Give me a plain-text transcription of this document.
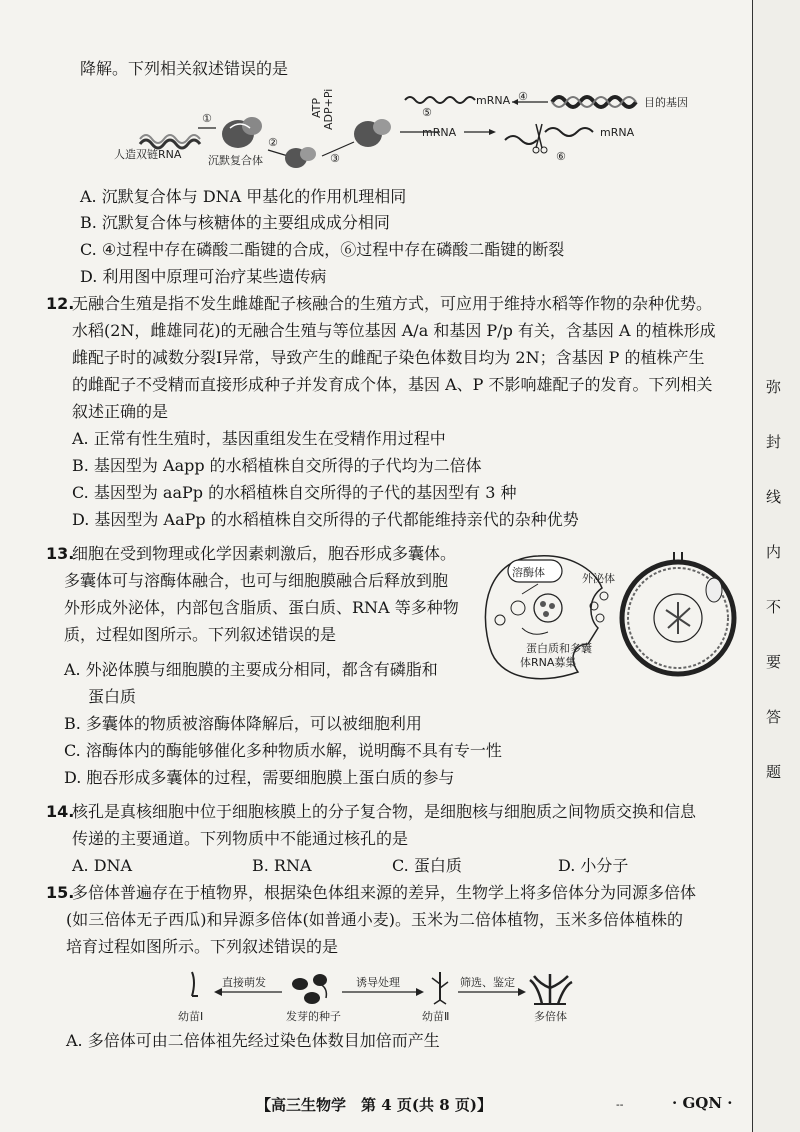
降解。下列相关叙述错误的是
人造双链RNA
①
沉默复合体
②
ATP ADP+Pi
③
mRNA ④	目的基因
⑤
mRNA	mRNA
⑥
A. 沉默复合体与 DNA 甲基化的作用机理相同
B. 沉默复合体与核糖体的主要组成成分相同
C. ④过程中存在磷酸二酯键的合成，⑥过程中存在磷酸二酯键的断裂
D. 利用图中原理可治疗某些遗传病
12.
无融合生殖是指不发生雌雄配子核融合的生殖方式，可应用于维持水稻等作物的杂种优势。
水稻(2N，雌雄同花)的无融合生殖与等位基因 A/a 和基因 P/p 有关，含基因 A 的植株形成
雌配子时的减数分裂Ⅰ异常，导致产生的雌配子染色体数目均为 2N；含基因 P 的植株产生
的雌配子不受精而直接形成种子并发育成个体，基因 A、P 不影响雄配子的发育。下列相关
叙述正确的是
A. 正常有性生殖时，基因重组发生在受精作用过程中
B. 基因型为 Aapp 的水稻植株自交所得的子代均为二倍体
C. 基因型为 aaPp 的水稻植株自交所得的子代的基因型有 3 种
D. 基因型为 AaPp 的水稻植株自交所得的子代都能维持亲代的杂种优势
13.
细胞在受到物理或化学因素刺激后，胞吞形成多囊体。
多囊体可与溶酶体融合，也可与细胞膜融合后释放到胞
外形成外泌体，内部包含脂质、蛋白质、RNA 等多种物
质，过程如图所示。下列叙述错误的是
A. 外泌体膜与细胞膜的主要成分相同，都含有磷脂和
蛋白质
B. 多囊体的物质被溶酶体降解后，可以被细胞利用
C. 溶酶体内的酶能够催化多种物质水解，说明酶不具有专一性
D. 胞吞形成多囊体的过程，需要细胞膜上蛋白质的参与
溶酶体
蛋白质和多囊
体RNA募集
外泌体
14.
核孔是真核细胞中位于细胞核膜上的分子复合物，是细胞核与细胞质之间物质交换和信息
传递的主要通道。下列物质中不能通过核孔的是
A. DNA	B. RNA	C. 蛋白质	D. 小分子
15.
多倍体普遍存在于植物界，根据染色体组来源的差异，生物学上将多倍体分为同源多倍体
(如三倍体无子西瓜)和异源多倍体(如普通小麦)。玉米为二倍体植物，玉米多倍体植株的
培育过程如图所示。下列叙述错误的是
幼苗Ⅰ
直接萌发
发芽的种子
诱导处理
幼苗Ⅱ
筛选、鉴定
多倍体
A. 多倍体可由二倍体祖先经过染色体数目加倍而产生
弥
封
线
内
不
要
答
题
【高三生物学　第 4 页(共 8 页)】	--	· GQN ·
